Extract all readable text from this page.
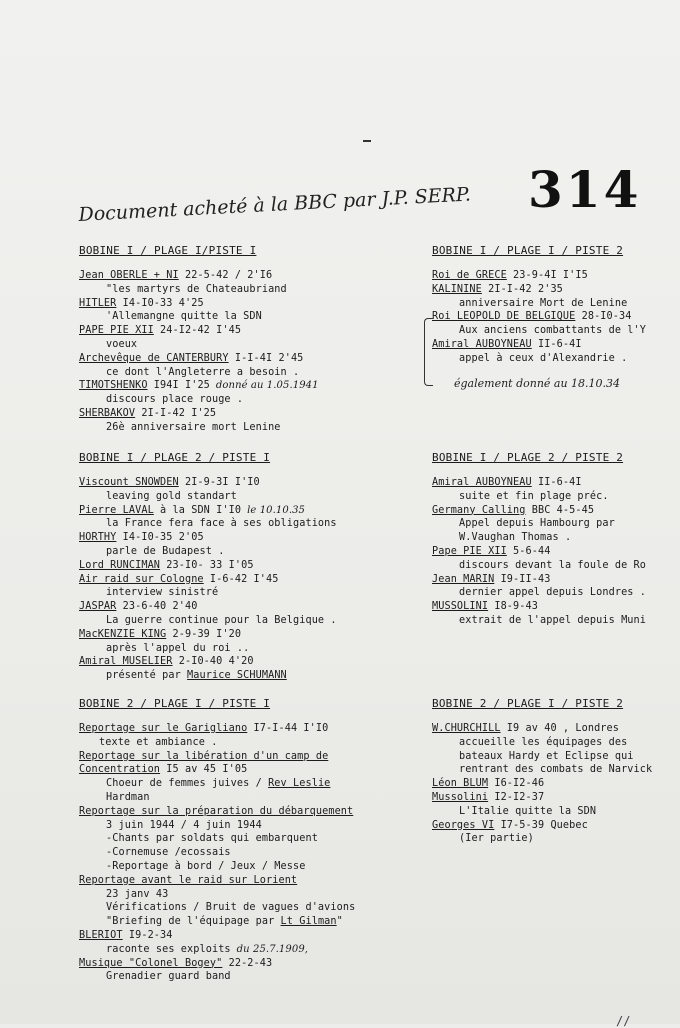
314
Document acheté à la BBC par J.P. SERP.
BOBINE I / PLAGE I/PISTE I
Jean OBERLE + NI 22-5-42 / 2'I6
"les martyrs de Chateaubriand
HITLER I4-I0-33 4'25
'Allemangne quitte la SDN
PAPE PIE XII 24-I2-42 I'45
voeux
Archevêque de CANTERBURY I-I-4I 2'45
ce dont l'Angleterre a besoin .
TIMOTSHENKO I94I I'25 donné au 1.05.1941
discours place rouge .
SHERBAKOV 2I-I-42 I'25
26è anniversaire mort Lenine
BOBINE I / PLAGE 2 / PISTE I
Viscount SNOWDEN 2I-9-3I I'I0
leaving gold standart
Pierre LAVAL à la SDN I'I0 le 10.10.35
la France fera face à ses obligations
HORTHY I4-I0-35 2'05
parle de Budapest .
Lord RUNCIMAN 23-I0- 33 I'05
Air raid sur Cologne I-6-42 I'45
interview sinistré
JASPAR 23-6-40 2'40
La guerre continue pour la Belgique .
MacKENZIE KING 2-9-39 I'20
après l'appel du roi ..
Amiral MUSELIER 2-I0-40 4'20
présenté par Maurice SCHUMANN
BOBINE 2 / PLAGE I / PISTE I
Reportage sur le Garigliano I7-I-44 I'I0
texte et ambiance .
Reportage sur la libération d'un camp de
Concentration I5 av 45 I'05
Choeur de femmes juives / Rev Leslie
Hardman
Reportage sur la préparation du débarquement
3 juin 1944 / 4 juin 1944
-Chants par soldats qui embarquent
-Cornemuse /ecossais
-Reportage à bord / Jeux / Messe
Reportage avant le raid sur Lorient
23 janv 43
Vérifications / Bruit de vagues d'avions
"Briefing de l'équipage par Lt Gilman"
BLERIOT I9-2-34
raconte ses exploits du 25.7.1909,
Musique "Colonel Bogey" 22-2-43
Grenadier guard band
BOBINE I / PLAGE I / PISTE 2
Roi de GRECE 23-9-4I I'I5
KALININE 2I-I-42 2'35
anniversaire Mort de Lenine
Roi LEOPOLD DE BELGIQUE 28-I0-34
Aux anciens combattants de l'Y
Amiral AUBOYNEAU II-6-4I
appel à ceux d'Alexandrie .
également donné au 18.10.34
BOBINE I / PLAGE 2 / PISTE 2
Amiral AUBOYNEAU II-6-4I
suite et fin plage préc.
Germany Calling BBC 4-5-45
Appel depuis Hambourg par
W.Vaughan Thomas .
Pape PIE XII 5-6-44
discours devant la foule de Ro
Jean MARIN I9-II-43
dernier appel depuis Londres .
MUSSOLINI I8-9-43
extrait de l'appel depuis Muni
BOBINE 2 / PLAGE I / PISTE 2
W.CHURCHILL I9 av 40 , Londres
accueille les équipages des
bateaux Hardy et Eclipse qui
rentrant des combats de Narvick
Léon BLUM I6-I2-46
Mussolini I2-I2-37
L'Italie quitte la SDN
Georges VI I7-5-39 Quebec
(Ier partie)
//
